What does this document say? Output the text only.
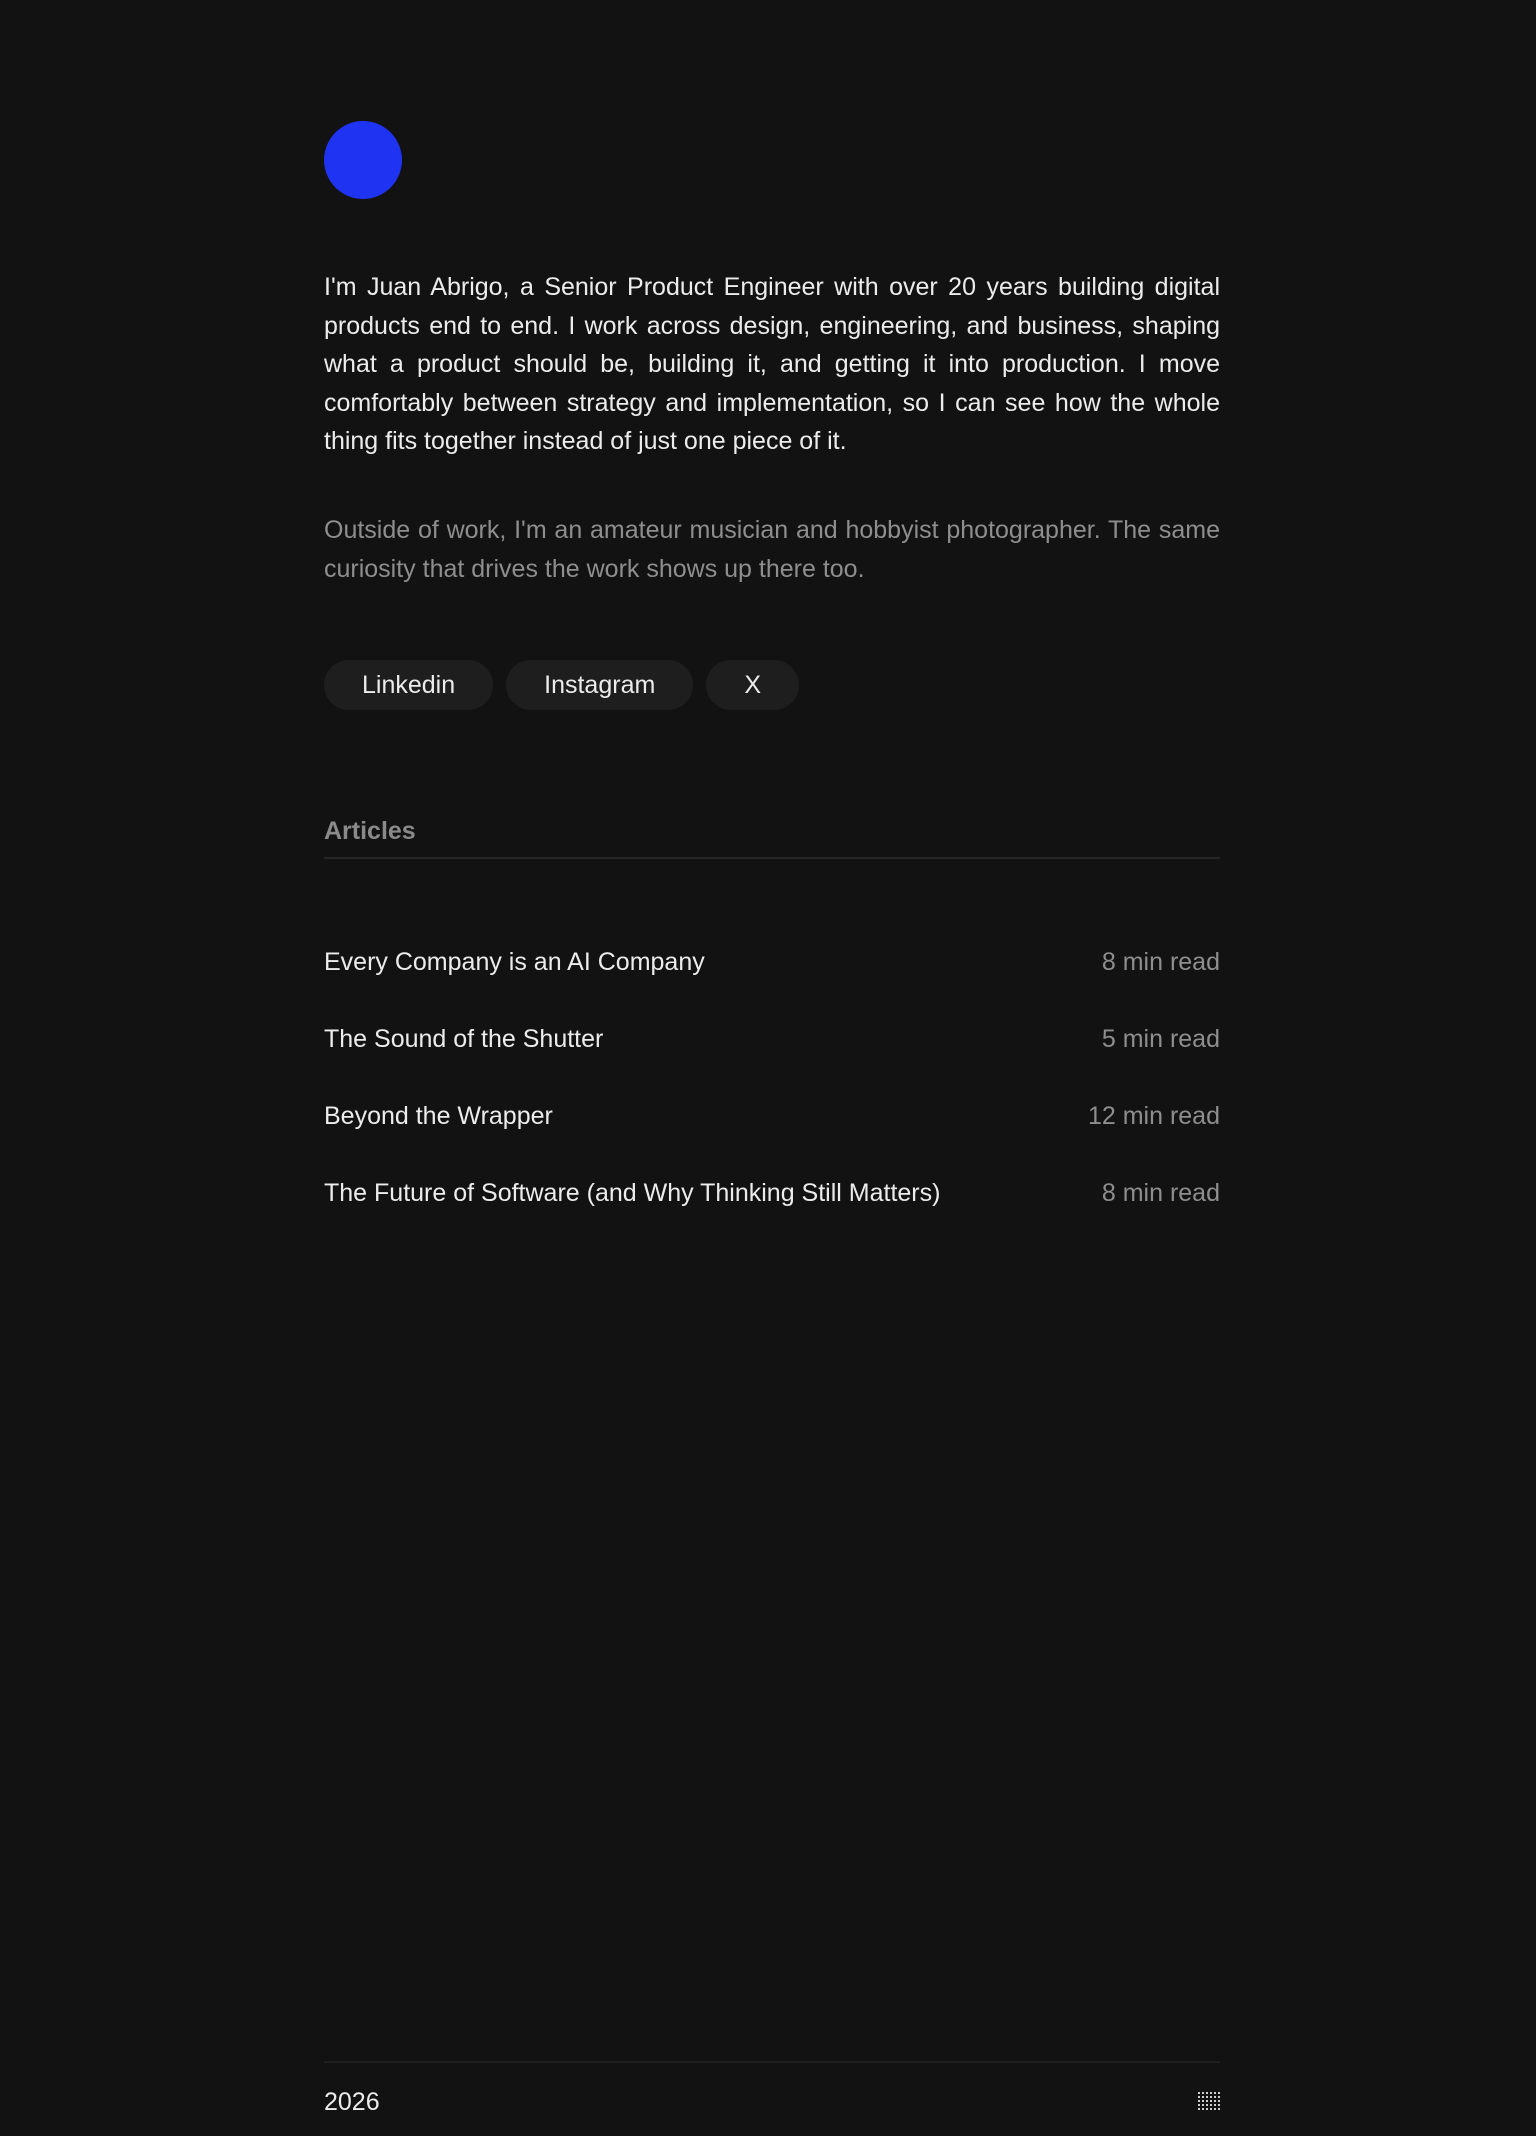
I'm Juan Abrigo, a Senior Product Engineer with over 20 years building digital products end to end. I work across design, engineering, and business, shaping what a product should be, building it, and getting it into production. I move comfortably between strategy and implementation, so I can see how the whole thing fits together instead of just one piece of it.

Outside of work, I'm an amateur musician and hobbyist photographer. The same curiosity that drives the work shows up there too.

Linkedin	Instagram	X
Articles
Every Company is an AI Company	8 min read
The Sound of the Shutter	5 min read
Beyond the Wrapper	12 min read
The Future of Software (and Why Thinking Still Matters)	8 min read
2026
